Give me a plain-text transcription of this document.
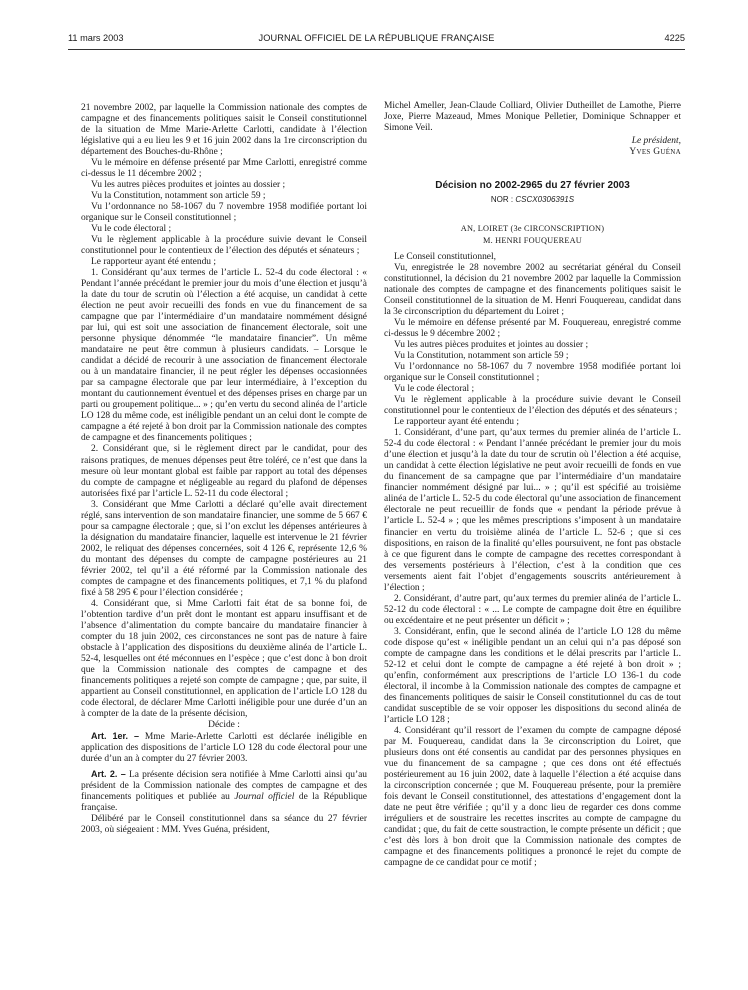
11 mars 2003	JOURNAL OFFICIEL DE LA RÉPUBLIQUE FRANÇAISE	4225

21 novembre 2002, par laquelle la Commission nationale des comptes de campagne et des financements politiques saisit le Conseil constitutionnel de la situation de Mme Marie-Arlette Carlotti, candidate à l’élection législative qui a eu lieu les 9 et 16 juin 2002 dans la 1re circonscription du département des Bouches-du-Rhône ;

Vu le mémoire en défense présenté par Mme Carlotti, enregistré comme ci-dessus le 11 décembre 2002 ;

Vu les autres pièces produites et jointes au dossier ;

Vu la Constitution, notamment son article 59 ;

Vu l’ordonnance no 58-1067 du 7 novembre 1958 modifiée portant loi organique sur le Conseil constitutionnel ;

Vu le code électoral ;

Vu le règlement applicable à la procédure suivie devant le Conseil constitutionnel pour le contentieux de l’élection des députés et sénateurs ;

Le rapporteur ayant été entendu ;

1. Considérant qu’aux termes de l’article L. 52-4 du code électoral : « Pendant l’année précédant le premier jour du mois d’une élection et jusqu’à la date du tour de scrutin où l’élection a été acquise, un candidat à cette élection ne peut avoir recueilli des fonds en vue du financement de sa campagne que par l’intermédiaire d’un mandataire nommément désigné par lui, qui est soit une association de financement électorale, soit une personne physique dénommée “le mandataire financier”. Un même mandataire ne peut être commun à plusieurs candidats. – Lorsque le candidat a décidé de recourir à une association de financement électorale ou à un mandataire financier, il ne peut régler les dépenses occasionnées par sa campagne électorale que par leur intermédiaire, à l’exception du montant du cautionnement éventuel et des dépenses prises en charge par un parti ou groupement politique... » ; qu’en vertu du second alinéa de l’article LO 128 du même code, est inéligible pendant un an celui dont le compte de campagne a été rejeté à bon droit par la Commission nationale des comptes de campagne et des financements politiques ;

2. Considérant que, si le règlement direct par le candidat, pour des raisons pratiques, de menues dépenses peut être toléré, ce n’est que dans la mesure où leur montant global est faible par rapport au total des dépenses du compte de campagne et négligeable au regard du plafond de dépenses autorisées fixé par l’article L. 52-11 du code électoral ;

3. Considérant que Mme Carlotti a déclaré qu’elle avait directement réglé, sans intervention de son mandataire financier, une somme de 5 667 € pour sa campagne électorale ; que, si l’on exclut les dépenses antérieures à la désignation du mandataire financier, laquelle est intervenue le 21 février 2002, le reliquat des dépenses concernées, soit 4 126 €, représente 12,6 % du montant des dépenses du compte de campagne postérieures au 21 février 2002, tel qu’il a été réformé par la Commission nationale des comptes de campagne et des financements politiques, et 7,1 % du plafond fixé à 58 295 € pour l’élection considérée ;

4. Considérant que, si Mme Carlotti fait état de sa bonne foi, de l’obtention tardive d’un prêt dont le montant est apparu insuffisant et de l’absence d’alimentation du compte bancaire du mandataire financier à compter du 18 juin 2002, ces circonstances ne sont pas de nature à faire obstacle à l’application des dispositions du deuxième alinéa de l’article L. 52-4, lesquelles ont été méconnues en l’espèce ; que c’est donc à bon droit que la Commission nationale des comptes de campagne et des financements politiques a rejeté son compte de campagne ; que, par suite, il appartient au Conseil constitutionnel, en application de l’article LO 128 du code électoral, de déclarer Mme Carlotti inéligible pour une durée d’un an à compter de la date de la présente décision,

Décide :

Art. 1er. – Mme Marie-Arlette Carlotti est déclarée inéligible en application des dispositions de l’article LO 128 du code électoral pour une durée d’un an à compter du 27 février 2003.

Art. 2. – La présente décision sera notifiée à Mme Carlotti ainsi qu’au président de la Commission nationale des comptes de campagne et des financements politiques et publiée au Journal officiel de la République française.

Délibéré par le Conseil constitutionnel dans sa séance du 27 février 2003, où siégeaient : MM. Yves Guéna, président,

Michel Ameller, Jean-Claude Colliard, Olivier Dutheillet de Lamothe, Pierre Joxe, Pierre Mazeaud, Mmes Monique Pelletier, Dominique Schnapper et Simone Veil.

Le président,

Yves Guéna

Décision no 2002-2965 du 27 février 2003
NOR : CSCX0306391S

AN, LOIRET (3e CIRCONSCRIPTION)

M. HENRI FOUQUEREAU

Le Conseil constitutionnel,

Vu, enregistrée le 28 novembre 2002 au secrétariat général du Conseil constitutionnel, la décision du 21 novembre 2002 par laquelle la Commission nationale des comptes de campagne et des financements politiques saisit le Conseil constitutionnel de la situation de M. Henri Fouquereau, candidat dans la 3e circonscription du département du Loiret ;

Vu le mémoire en défense présenté par M. Fouquereau, enregistré comme ci-dessus le 9 décembre 2002 ;

Vu les autres pièces produites et jointes au dossier ;

Vu la Constitution, notamment son article 59 ;

Vu l’ordonnance no 58-1067 du 7 novembre 1958 modifiée portant loi organique sur le Conseil constitutionnel ;

Vu le code électoral ;

Vu le règlement applicable à la procédure suivie devant le Conseil constitutionnel pour le contentieux de l’élection des députés et des sénateurs ;

Le rapporteur ayant été entendu ;

1. Considérant, d’une part, qu’aux termes du premier alinéa de l’article L. 52-4 du code électoral : « Pendant l’année précédant le premier jour du mois d’une élection et jusqu’à la date du tour de scrutin où l’élection a été acquise, un candidat à cette élection législative ne peut avoir recueilli de fonds en vue du financement de sa campagne que par l’intermédiaire d’un mandataire financier nommément désigné par lui... » ; qu’il est spécifié au troisième alinéa de l’article L. 52-5 du code électoral qu’une association de financement électorale ne peut recueillir de fonds que « pendant la période prévue à l’article L. 52-4 » ; que les mêmes prescriptions s’imposent à un mandataire financier en vertu du troisième alinéa de l’article L. 52-6 ; que si ces dispositions, en raison de la finalité qu’elles poursuivent, ne font pas obstacle à ce que figurent dans le compte de campagne des recettes correspondant à des versements postérieurs à l’élection, c’est à la condition que ces versements aient fait l’objet d’engagements souscrits antérieurement à l’élection ;

2. Considérant, d’autre part, qu’aux termes du premier alinéa de l’article L. 52-12 du code électoral : « ... Le compte de campagne doit être en équilibre ou excédentaire et ne peut présenter un déficit » ;

3. Considérant, enfin, que le second alinéa de l’article LO 128 du même code dispose qu’est « inéligible pendant un an celui qui n’a pas déposé son compte de campagne dans les conditions et le délai prescrits par l’article L. 52-12 et celui dont le compte de campagne a été rejeté à bon droit » ; qu’enfin, conformément aux prescriptions de l’article LO 136-1 du code électoral, il incombe à la Commission nationale des comptes de campagne et des financements politiques de saisir le Conseil constitutionnel du cas de tout candidat susceptible de se voir opposer les dispositions du second alinéa de l’article LO 128 ;

4. Considérant qu’il ressort de l’examen du compte de campagne déposé par M. Fouquereau, candidat dans la 3e circonscription du Loiret, que plusieurs dons ont été consentis au candidat par des personnes physiques en vue du financement de sa campagne ; que ces dons ont été effectués postérieurement au 16 juin 2002, date à laquelle l’élection a été acquise dans la circonscription concernée ; que M. Fouquereau présente, pour la première fois devant le Conseil constitutionnel, des attestations d’engagement dont la date ne peut être vérifiée ; qu’il y a donc lieu de regarder ces dons comme irréguliers et de soustraire les recettes inscrites au compte de campagne du candidat ; que, du fait de cette soustraction, le compte présente un déficit ; que c’est dès lors à bon droit que la Commission nationale des comptes de campagne et des financements politiques a prononcé le rejet du compte de campagne de ce candidat pour ce motif ;
